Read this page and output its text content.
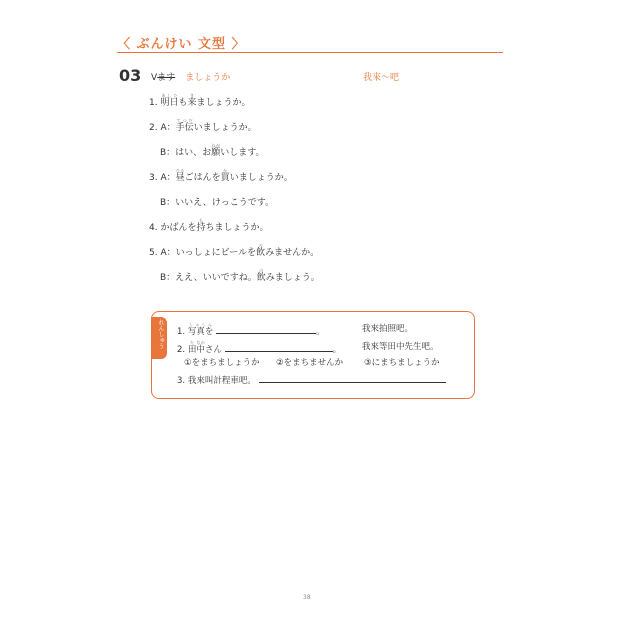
〈 ぶんけい 文型 〉
03 Vます ましょうか	我來〜吧
1. 明日あしたも来きましょうか。
2. A：手伝てつだいましょうか。
B：はい、お願ねがいします。
3. A：昼ひるごはんを買かいましょうか。
B：いいえ、けっこうです。
4. かばんを持もちましょうか。
5. A：いっしょにビールを飲のみませんか。
B：ええ、いいですね。飲のみましょう。
れんしゅう 1. 写真をしゃしん 。	我來拍照吧。
2. 田た中なかさん	。 我來等田中先生吧。
①をまちましょうか ②をまちませんか ③にまちましょうか
3. 我來叫計程車吧。
38
